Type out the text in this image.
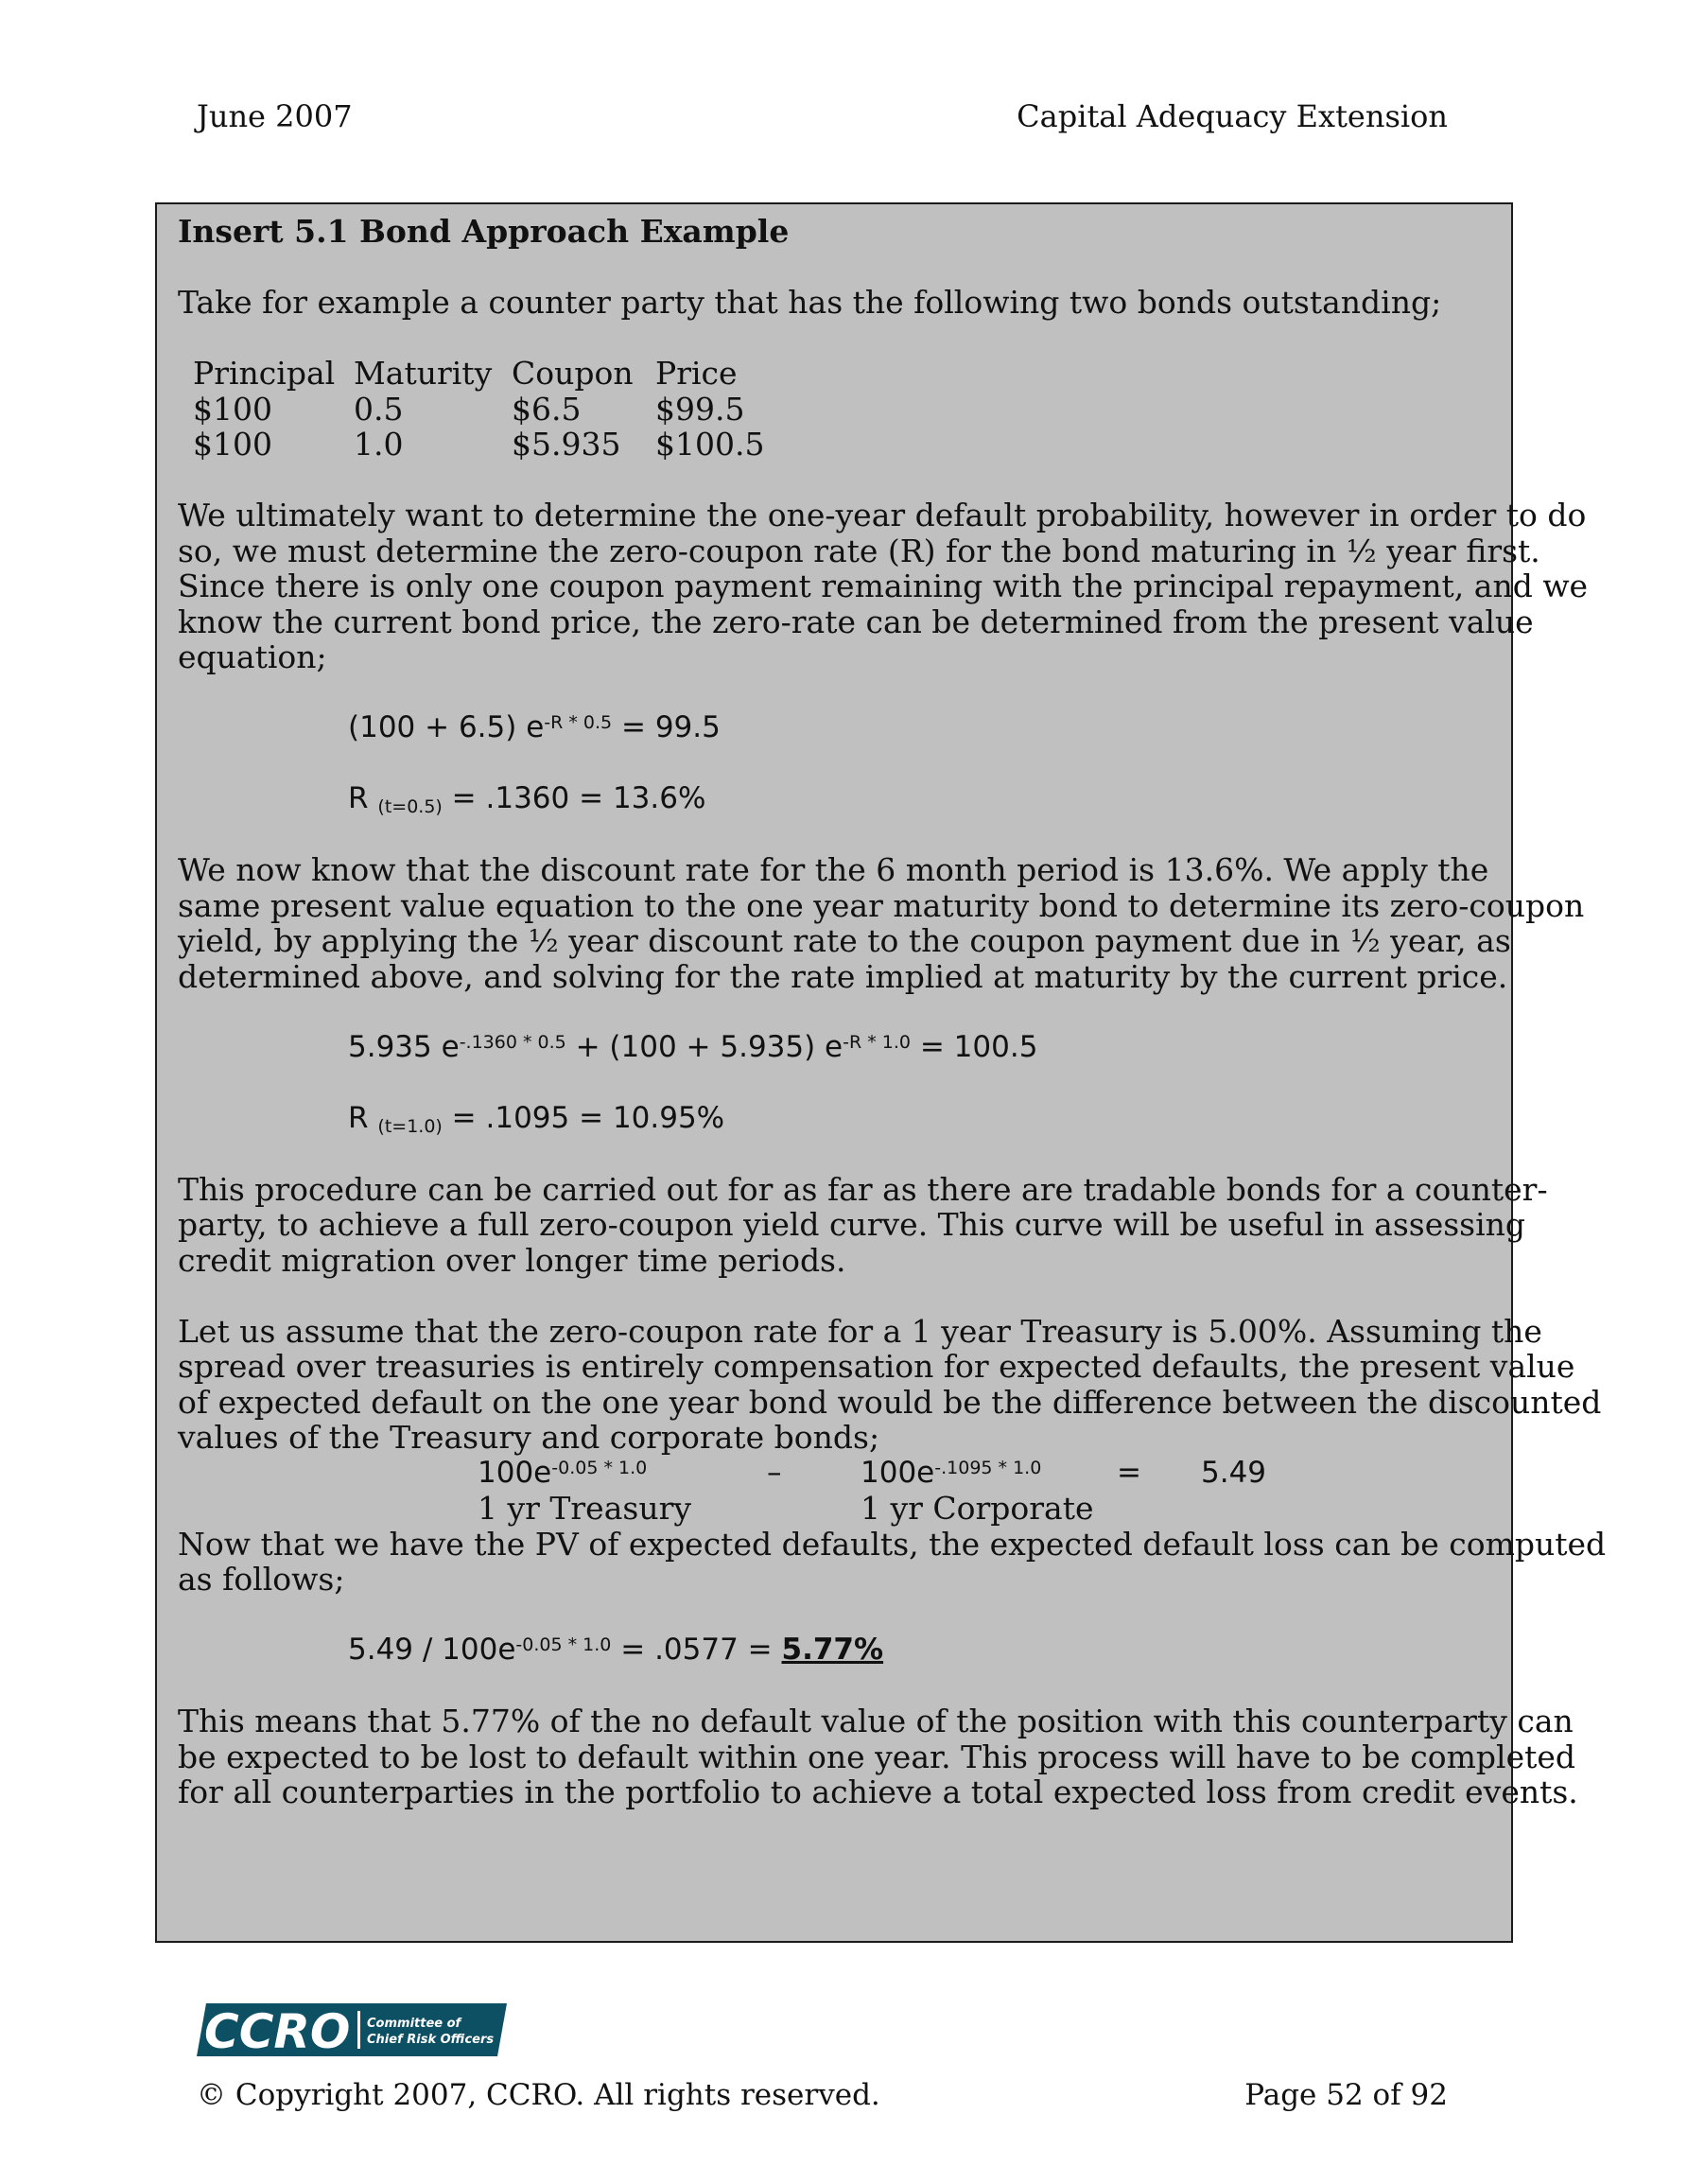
June 2007	Capital Adequacy Extension
Insert 5.1 Bond Approach Example
Take for example a counter party that has the following two bonds outstanding;
Principal	Maturity	Coupon	Price
$100	0.5	$6.5	$99.5
$100	1.0	$5.935	$100.5
We ultimately want to determine the one-year default probability, however in order to do
so, we must determine the zero-coupon rate (R) for the bond maturing in ½ year first.
Since there is only one coupon payment remaining with the principal repayment, and we
know the current bond price, the zero-rate can be determined from the present value
equation;
(100 + 6.5) $e^{-R * 0.5} = 99.5$
R $_{(t=0.5)}$ = .1360 = 13.6%
We now know that the discount rate for the 6 month period is 13.6%. We apply the
same present value equation to the one year maturity bond to determine its zero-coupon
yield, by applying the ½ year discount rate to the coupon payment due in ½ year, as
determined above, and solving for the rate implied at maturity by the current price.
5.935 $e^{-.1360 * 0.5} + (100 + 5.935) e^{-R * 1.0} = 100.5$
R $_{(t=1.0)}$ = .1095 = 10.95%
This procedure can be carried out for as far as there are tradable bonds for a counter-
party, to achieve a full zero-coupon yield curve. This curve will be useful in assessing
credit migration over longer time periods.
Let us assume that the zero-coupon rate for a 1 year Treasury is 5.00%. Assuming the
spread over treasuries is entirely compensation for expected defaults, the present value
of expected default on the one year bond would be the difference between the discounted
values of the Treasury and corporate bonds;
$100e^{-0.05 * 1.0}$	–	$100e^{-.1095 * 1.0}$	= 5.49
1 yr Treasury	1 yr Corporate
Now that we have the PV of expected defaults, the expected default loss can be computed
as follows;
$5.49 / 100e^{-0.05 * 1.0} = .0577 = 5.77\%$
This means that 5.77% of the no default value of the position with this counterparty can
be expected to be lost to default within one year. This process will have to be completed
for all counterparties in the portfolio to achieve a total expected loss from credit events.
CCRO Committee of
Chief Risk Officers
© Copyright 2007, CCRO. All rights reserved.	Page 52 of 92
